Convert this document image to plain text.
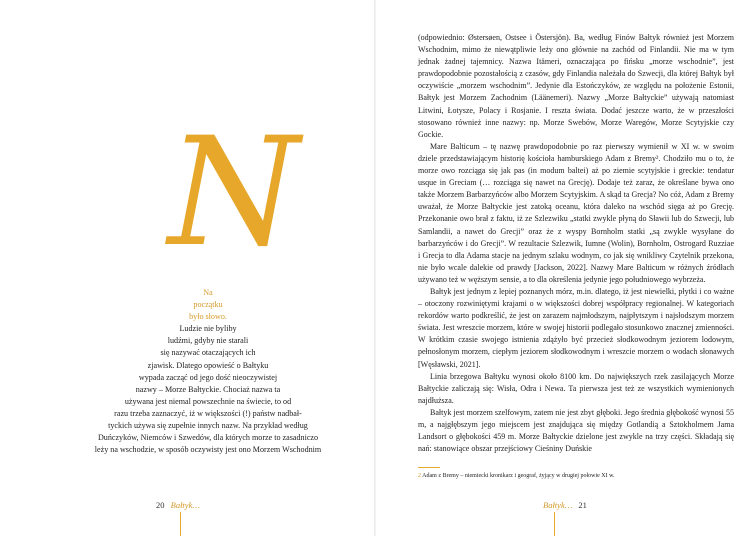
N
Na
początku
było słowo.
Ludzie nie byliby
ludźmi, gdyby nie starali
się nazywać otaczających ich
zjawisk. Dlatego opowieść o Bałtyku
wypada zacząć od jego dość nieoczywistej
nazwy – Morze Bałtyckie. Chociaż nazwa ta
używana jest niemal powszechnie na świecie, to od
razu trzeba zaznaczyć, iż w większości (!) państw nadbał-
tyckich używa się zupełnie innych nazw. Na przykład według
Duńczyków, Niemców i Szwedów, dla których morze to zasadniczo
leży na wschodzie, w sposób oczywisty jest ono Morzem Wschodnim
20 Bałtyk…

(odpowiednio: Østersøen, Ostsee i Östersjön). Ba, według Finów Bałtyk również jest Morzem Wschodnim, mimo że niewątpliwie leży ono głównie na zachód od Finlandii. Nie ma w tym jednak żadnej tajemnicy. Nazwa Itämeri, oznaczająca po fińsku „morze wschodnie”, jest prawdopodobnie pozostałością z czasów, gdy Finlandia należała do Szwecji, dla której Bałtyk był oczywiście „morzem wschodnim”. Jedynie dla Estończyków, ze względu na położenie Estonii, Bałtyk jest Morzem Zachodnim (Läänemeri). Nazwy „Morze Bałtyckie” używają natomiast Litwini, Łotysze, Polacy i Rosjanie. I reszta świata. Dodać jeszcze warto, że w przeszłości stosowano również inne nazwy: np. Morze Swebów, Morze Waregów, Morze Scytyjskie czy Gockie.

Mare Balticum – tę nazwę prawdopodobnie po raz pierwszy wymienił w XI w. w swoim dziele przedstawiającym historię kościoła hamburskiego Adam z Bremy². Chodziło mu o to, że morze owo rozciąga się jak pas (in modum baltei) aż po ziemie scytyjskie i greckie: tendatur usque in Greciam (… rozciąga się nawet na Grecję). Dodaje też zaraz, że określane bywa ono także Morzem Barbarzyńców albo Morzem Scytyjskim. A skąd ta Grecja? No cóż, Adam z Bremy uważał, że Morze Bałtyckie jest zatoką oceanu, która daleko na wschód sięga aż po Grecję. Przekonanie owo brał z faktu, iż ze Szlezwiku „statki zwykle płyną do Sławii lub do Szwecji, lub Samlandii, a nawet do Grecji” oraz że z wyspy Bornholm statki „są zwykle wysyłane do barbarzyńców i do Grecji”. W rezultacie Szlezwik, Iumne (Wolin), Bornholm, Ostrogard Ruzziae i Grecja to dla Adama stacje na jednym szlaku wodnym, co jak się wnikliwy Czytelnik przekona, nie było wcale dalekie od prawdy [Jackson, 2022]. Nazwy Mare Balticum w różnych źródłach używano też w węższym sensie, a to dla określenia jedynie jego południowego wybrzeża.

Bałtyk jest jednym z lepiej poznanych mórz, m.in. dlatego, iż jest niewielki, płytki i co ważne – otoczony rozwiniętymi krajami o w większości dobrej współpracy regionalnej. W kategoriach rekordów warto podkreślić, że jest on zarazem najmłodszym, najpłytszym i najsłodszym morzem świata. Jest wreszcie morzem, które w swojej historii podlegało stosunkowo znacznej zmienności. W krótkim czasie swojego istnienia zdążyło być przecież słodkowodnym jeziorem lodowym, pełnosłonym morzem, ciepłym jeziorem słodkowodnym i wreszcie morzem o wodach słonawych [Węsławski, 2021].

Linia brzegowa Bałtyku wynosi około 8100 km. Do największych rzek zasilających Morze Bałtyckie zaliczają się: Wisła, Odra i Newa. Ta pierwsza jest też ze wszystkich wymienionych najdłuższa.

Bałtyk jest morzem szelfowym, zatem nie jest zbyt głęboki. Jego średnia głębokość wynosi 55 m, a najgłębszym jego miejscem jest znajdująca się między Gotlandią a Sztokholmem Jama Landsort o głębokości 459 m. Morze Bałtyckie dzielone jest zwykle na trzy części. Składają się nań: stanowiące obszar przejściowy Cieśniny Duńskie

2 Adam z Bremy – niemiecki kronikarz i geograf, żyjący w drugiej połowie XI w.
Bałtyk… 21
